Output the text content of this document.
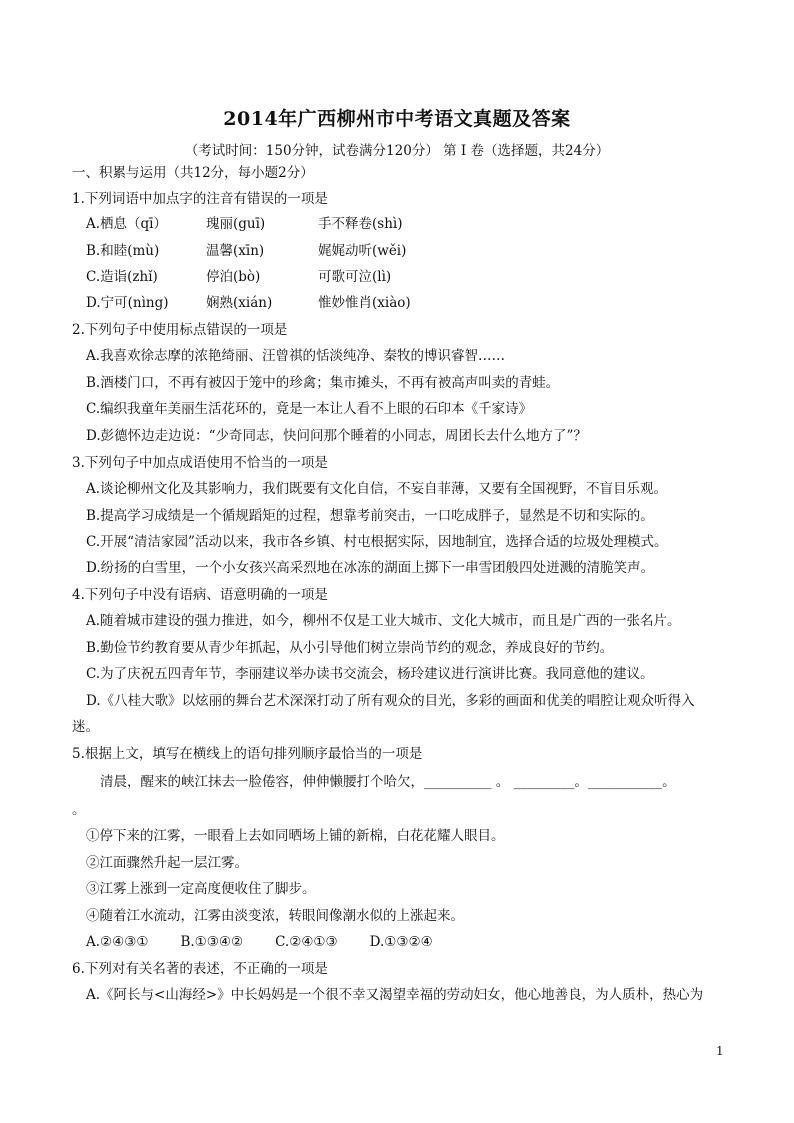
2014年广西柳州市中考语文真题及答案
（考试时间：150分钟，试卷满分120分） 第 Ⅰ 卷（选择题，共24分）
一、积累与运用（共12分，每小题2分）
1.下列词语中加点字的注音有错误的一项是
A.栖息（qī）	瑰丽(guī)	手不释卷(shì)
B.和睦(mù)	温馨(xīn)	娓娓动听(wěi)
C.造诣(zhǐ)	停泊(bò)	可歌可泣(lì)
D.宁可(nìng)	娴熟(xián)	惟妙惟肖(xiào)
2.下列句子中使用标点错误的一项是
A.我喜欢徐志摩的浓艳绮丽、汪曾祺的恬淡纯净、秦牧的博识睿智……
B.酒楼门口，不再有被囚于笼中的珍禽；集市摊头，不再有被高声叫卖的青蛙。
C.编织我童年美丽生活花环的，竟是一本让人看不上眼的石印本《千家诗》
D.彭德怀边走边说：“少奇同志，快问问那个睡着的小同志，周团长去什么地方了”？
3.下列句子中加点成语使用不恰当的一项是
A.谈论柳州文化及其影响力，我们既要有文化自信，不妄自菲薄，又要有全国视野，不盲目乐观。
B.提高学习成绩是一个循规蹈矩的过程，想靠考前突击，一口吃成胖子，显然是不切和实际的。
C.开展“清洁家园”活动以来，我市各乡镇、村屯根据实际，因地制宜，选择合适的垃圾处理模式。
D.纷扬的白雪里，一个小女孩兴高采烈地在冰冻的湖面上掷下一串雪团般四处迸溅的清脆笑声。
4.下列句子中没有语病、语意明确的一项是
A.随着城市建设的强力推进，如今，柳州不仅是工业大城市、文化大城市，而且是广西的一张名片。
B.勤俭节约教育要从青少年抓起，从小引导他们树立崇尚节约的观念，养成良好的节约。
C.为了庆祝五四青年节，李丽建议举办读书交流会，杨玲建议进行演讲比赛。我同意他的建议。
D.《八桂大歌》以炫丽的舞台艺术深深打动了所有观众的目光，多彩的画面和优美的唱腔让观众听得入
迷。
5.根据上文，填写在横线上的语句排列顺序最恰当的一项是
清晨，醒来的峡江抹去一脸倦容，伸伸懒腰打个哈欠，__________ 。 _________。___________。
。
①停下来的江雾，一眼看上去如同晒场上铺的新棉，白花花耀人眼目。
②江面骤然升起一层江雾。
③江雾上涨到一定高度便收住了脚步。
④随着江水流动，江雾由淡变浓，转眼间像潮水似的上涨起来。
A.②④③① B.①③④② C.②④①③ D.①③②④
6.下列对有关名著的表述，不正确的一项是
A.《阿长与<山海经>》中长妈妈是一个很不幸又渴望幸福的劳动妇女，他心地善良，为人质朴，热心为
1
